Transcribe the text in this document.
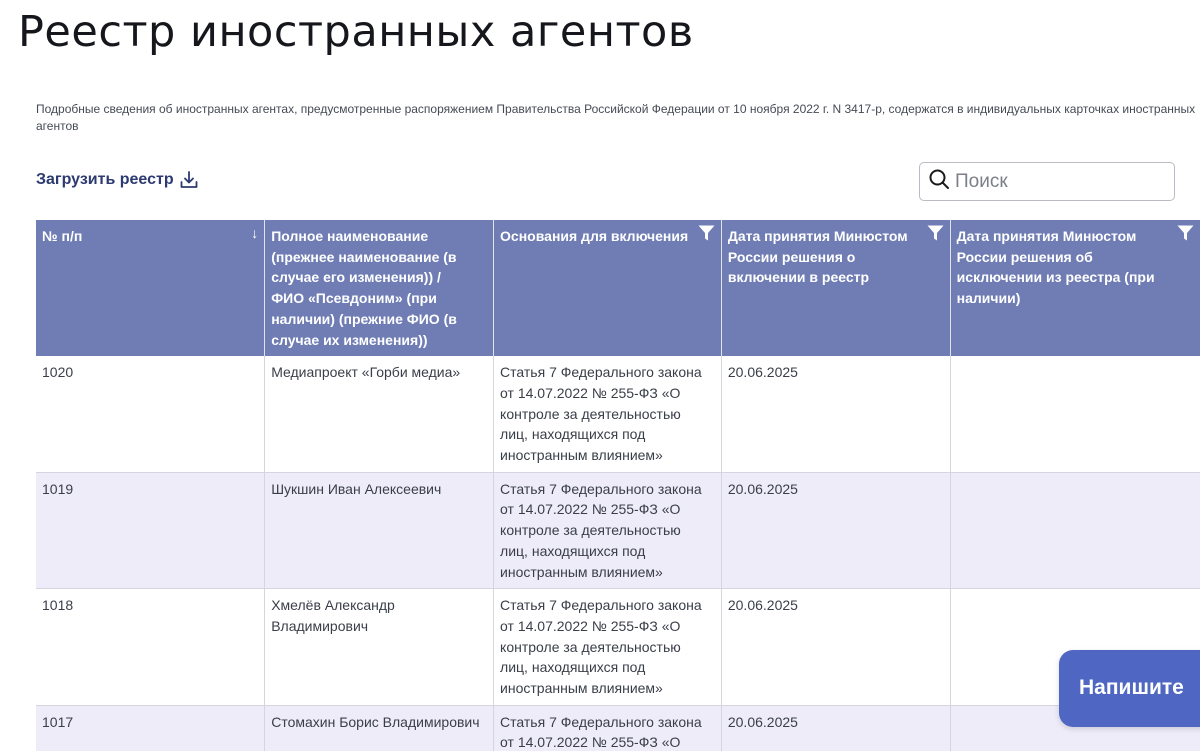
Реестр иностранных агентов

Подробные сведения об иностранных агентах, предусмотренные распоряжением Правительства Российской Федерации от 10 ноября 2022 г. N 3417-р, содержатся в индивидуальных карточках иностранных агентов

Загрузить реестр
Поиск
№ п/п ↓	Полное наименование (прежнее наименование (в случае его изменения)) / ФИО «Псевдоним» (при наличии) (прежние ФИО (в случае их изменения))	Основания для включения	Дата принятия Минюстом России решения о включении в реестр	Дата принятия Минюстом России решения об исключении из реестра (при наличии)

1020	Медиапроект «Горби медиа»	Статья 7 Федерального закона от 14.07.2022 № 255-ФЗ «О контроле за деятельностью лиц, находящихся под иностранным влиянием»	20.06.2025	
1019	Шукшин Иван Алексеевич	Статья 7 Федерального закона от 14.07.2022 № 255-ФЗ «О контроле за деятельностью лиц, находящихся под иностранным влиянием»	20.06.2025	
1018	Хмелёв Александр Владимирович	Статья 7 Федерального закона от 14.07.2022 № 255-ФЗ «О контроле за деятельностью лиц, находящихся под иностранным влиянием»	20.06.2025	
1017	Стомахин Борис Владимирович	Статья 7 Федерального закона от 14.07.2022 № 255-ФЗ «О	20.06.2025	
Напишите
